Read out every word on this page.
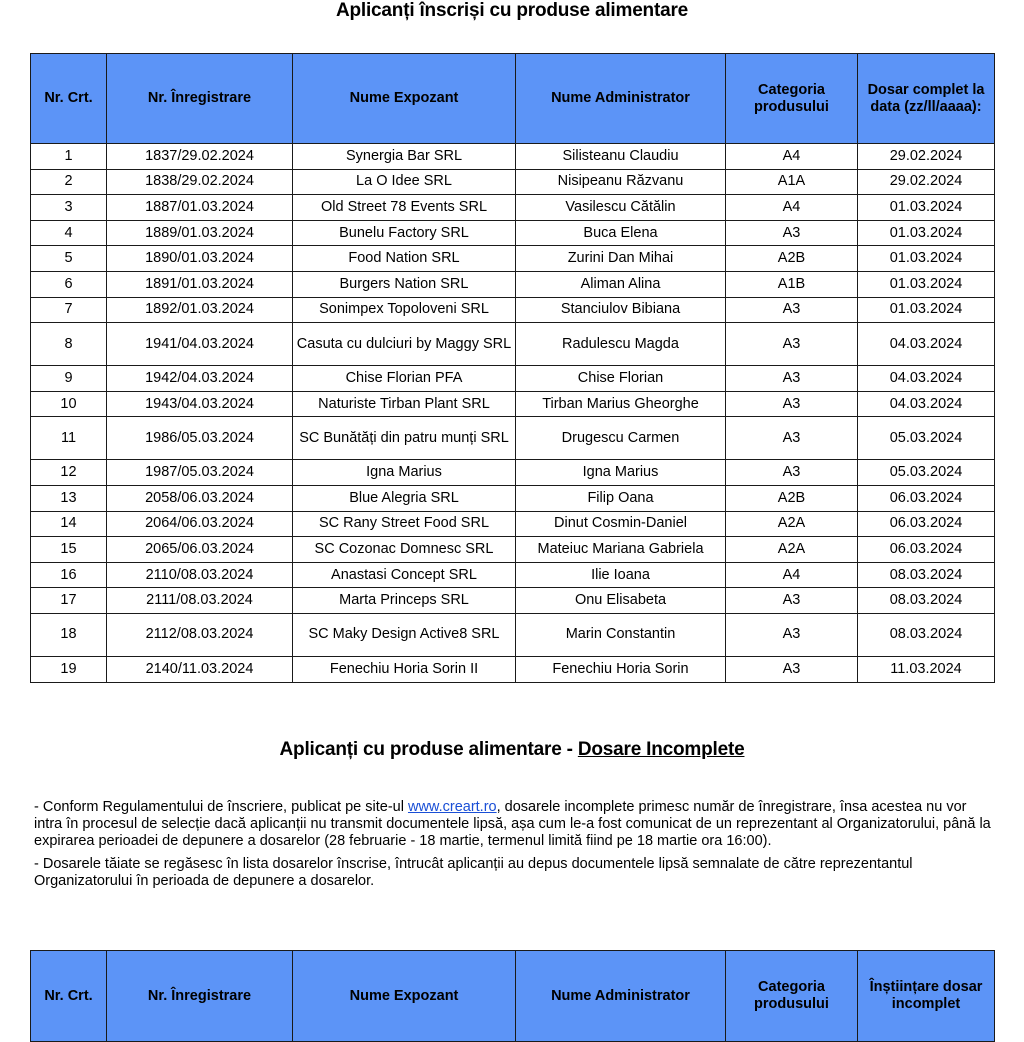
Aplicanți înscriși cu produse alimentare
Nr. Crt.	Nr. Înregistrare	Nume Expozant	Nume Administrator	Categoria produsului	Dosar complet la data (zz/ll/aaaa):
1	1837/29.02.2024	Synergia Bar SRL	Silisteanu Claudiu	A4	29.02.2024
2	1838/29.02.2024	La O Idee SRL	Nisipeanu Răzvanu	A1A	29.02.2024
3	1887/01.03.2024	Old Street 78 Events SRL	Vasilescu Cătălin	A4	01.03.2024
4	1889/01.03.2024	Bunelu Factory SRL	Buca Elena	A3	01.03.2024
5	1890/01.03.2024	Food Nation SRL	Zurini Dan Mihai	A2B	01.03.2024
6	1891/01.03.2024	Burgers Nation SRL	Aliman Alina	A1B	01.03.2024
7	1892/01.03.2024	Sonimpex Topoloveni SRL	Stanciulov Bibiana	A3	01.03.2024
8	1941/04.03.2024	Casuta cu dulciuri by Maggy SRL	Radulescu Magda	A3	04.03.2024
9	1942/04.03.2024	Chise Florian PFA	Chise Florian	A3	04.03.2024
10	1943/04.03.2024	Naturiste Tirban Plant SRL	Tirban Marius Gheorghe	A3	04.03.2024
11	1986/05.03.2024	SC Bunătăți din patru munți SRL	Drugescu Carmen	A3	05.03.2024
12	1987/05.03.2024	Igna Marius	Igna Marius	A3	05.03.2024
13	2058/06.03.2024	Blue Alegria SRL	Filip Oana	A2B	06.03.2024
14	2064/06.03.2024	SC Rany Street Food SRL	Dinut Cosmin-Daniel	A2A	06.03.2024
15	2065/06.03.2024	SC Cozonac Domnesc SRL	Mateiuc Mariana Gabriela	A2A	06.03.2024
16	2110/08.03.2024	Anastasi Concept SRL	Ilie Ioana	A4	08.03.2024
17	2111/08.03.2024	Marta Princeps SRL	Onu Elisabeta	A3	08.03.2024
18	2112/08.03.2024	SC Maky Design Active8 SRL	Marin Constantin	A3	08.03.2024
19	2140/11.03.2024	Fenechiu Horia Sorin II	Fenechiu Horia Sorin	A3	11.03.2024
Aplicanți cu produse alimentare - Dosare Incomplete

- Conform Regulamentului de înscriere, publicat pe site-ul www.creart.ro, dosarele incomplete primesc număr de înregistrare, însa acestea nu vor intra în procesul de selecție dacă aplicanții nu transmit documentele lipsă, așa cum le-a fost comunicat de un reprezentant al Organizatorului, până la expirarea perioadei de depunere a dosarelor (28 februarie - 18 martie, termenul limită fiind pe 18 martie ora 16:00).

- Dosarele tăiate se regăsesc în lista dosarelor înscrise, întrucât aplicanții au depus documentele lipsă semnalate de către reprezentantul Organizatorului în perioada de depunere a dosarelor.

Nr. Crt.	Nr. Înregistrare	Nume Expozant	Nume Administrator	Categoria produsului	Înștiințare dosar incomplet
